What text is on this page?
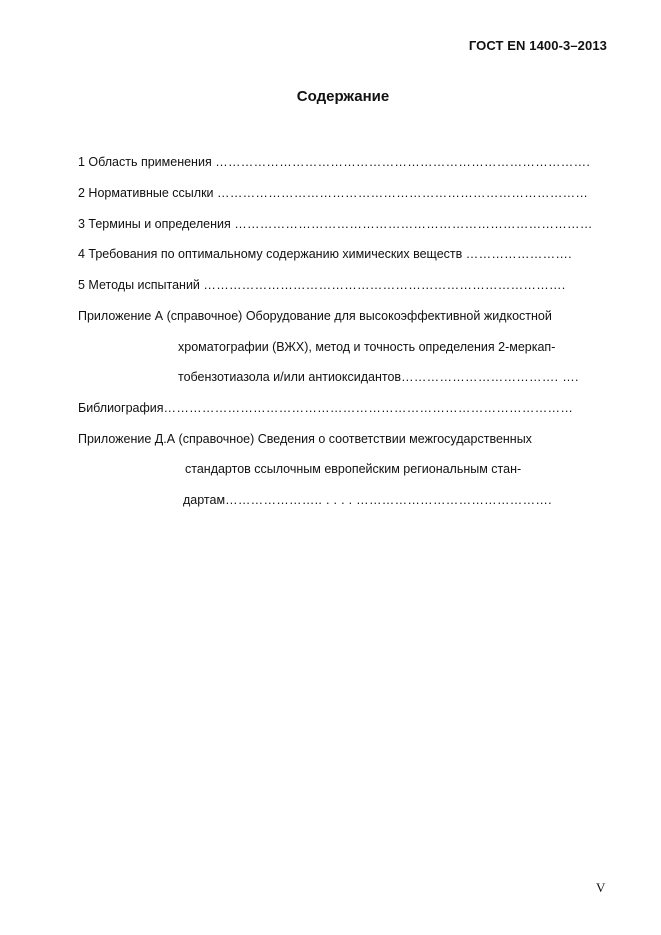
ГОСТ EN 1400-3–2013
Содержание
1 Область применения …………………………………………………………………………….
2 Нормативные ссылки ……………………………………………………………………………
3 Термины и определения …………………………………………………………………………
4 Требования по оптимальному содержанию химических веществ …………………….
5 Методы испытаний ………………………………………………………………………….
Приложение А (справочное) Оборудование для высокоэффективной жидкостной
хроматографии (ВЖХ), метод и точность определения 2-меркап-
тобензотиазола и/или антиоксидантов………………………………. ….
Библиография……………………………………………………………………………………
Приложение Д.А (справочное) Сведения о соответствии межгосударственных
стандартов ссылочным европейским региональным стан-
дартам………………….. . . . . ……………………………………….
V
